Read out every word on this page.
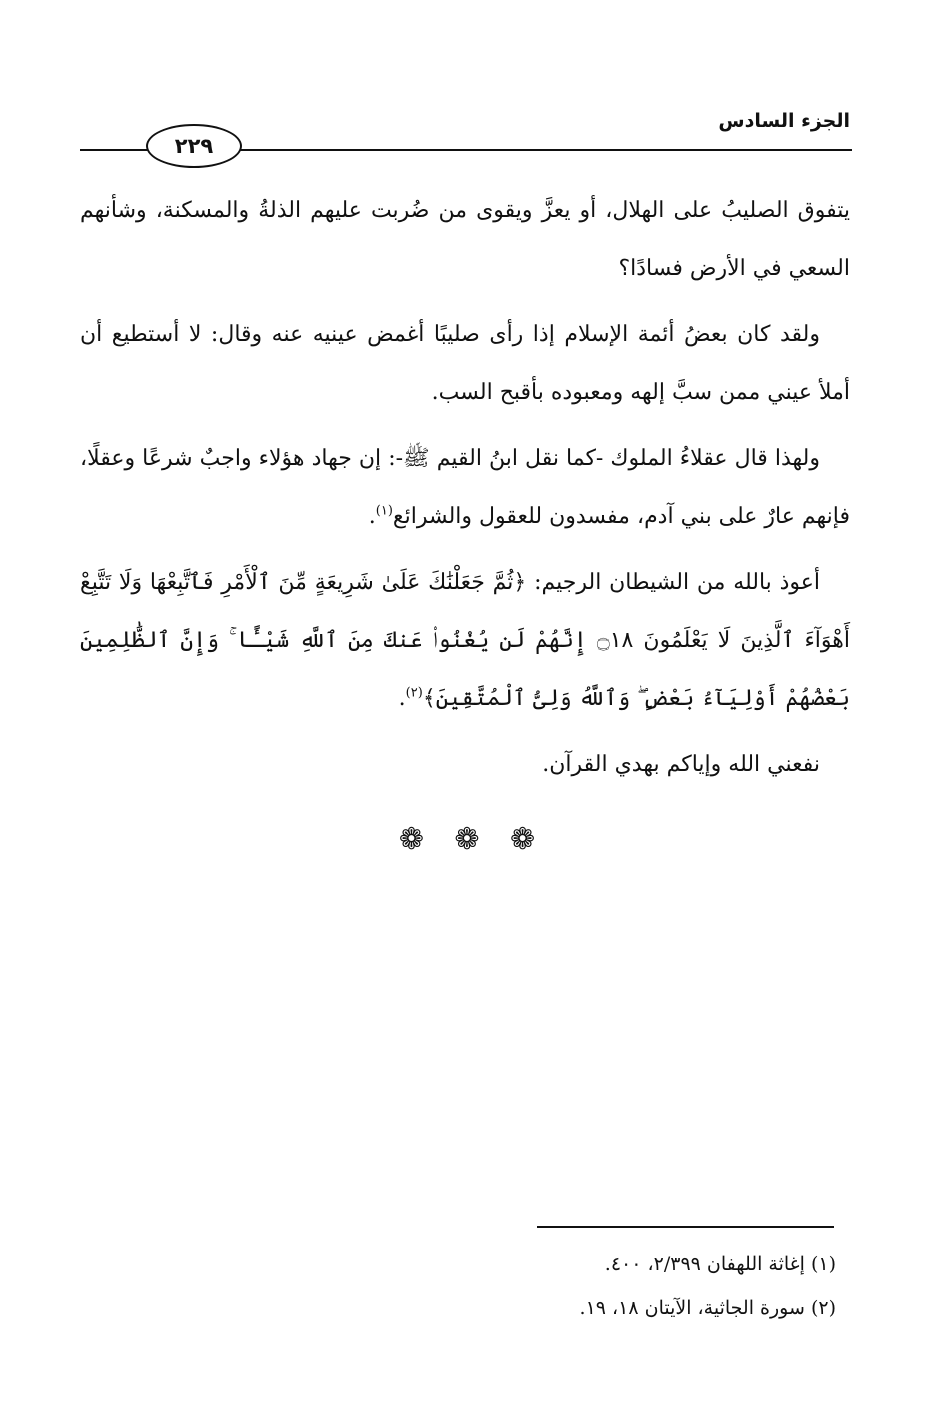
٢٢٩
الجزء السادس

يتفوق الصليبُ على الهلال، أو يعزَّ ويقوى من ضُربت عليهم الذلةُ والمسكنة، وشأنهم السعي في الأرض فسادًا؟

ولقد كان بعضُ أئمة الإسلام إذا رأى صليبًا أغمض عينيه عنه وقال: لا أستطيع أن أملأ عيني ممن سبَّ إلهه ومعبوده بأقبح السب.

ولهذا قال عقلاءُ الملوك -كما نقل ابنُ القيم ﷺ-: إن جهاد هؤلاء واجبٌ شرعًا وعقلًا، فإنهم عارٌ على بني آدم، مفسدون للعقول والشرائع$^{(١)}$.

أعوذ بالله من الشيطان الرجيم: ﴿ثُمَّ جَعَلْنَٰكَ عَلَىٰ شَرِيعَةٍ مِّنَ ٱلْأَمْرِ فَٱتَّبِعْهَا وَلَا تَتَّبِعْ أَهْوَآءَ ٱلَّذِينَ لَا يَعْلَمُونَ ۝١٨ إِنَّهُمْ لَن يُغْنُوا۟ عَنكَ مِنَ ٱللَّهِ شَيْـًٔا ۚ وَإِنَّ ٱلظَّٰلِمِينَ بَعْضُهُمْ أَوْلِيَآءُ بَعْضٍ ۖ وَٱللَّهُ وَلِىُّ ٱلْمُتَّقِينَ﴾$^{(٢)}$.

نفعني الله وإياكم بهدي القرآن.

❁ ❁ ❁

(١) إغاثة اللهفان ٢/٣٩٩، ٤٠٠.

(٢) سورة الجاثية، الآيتان ١٨، ١٩.
